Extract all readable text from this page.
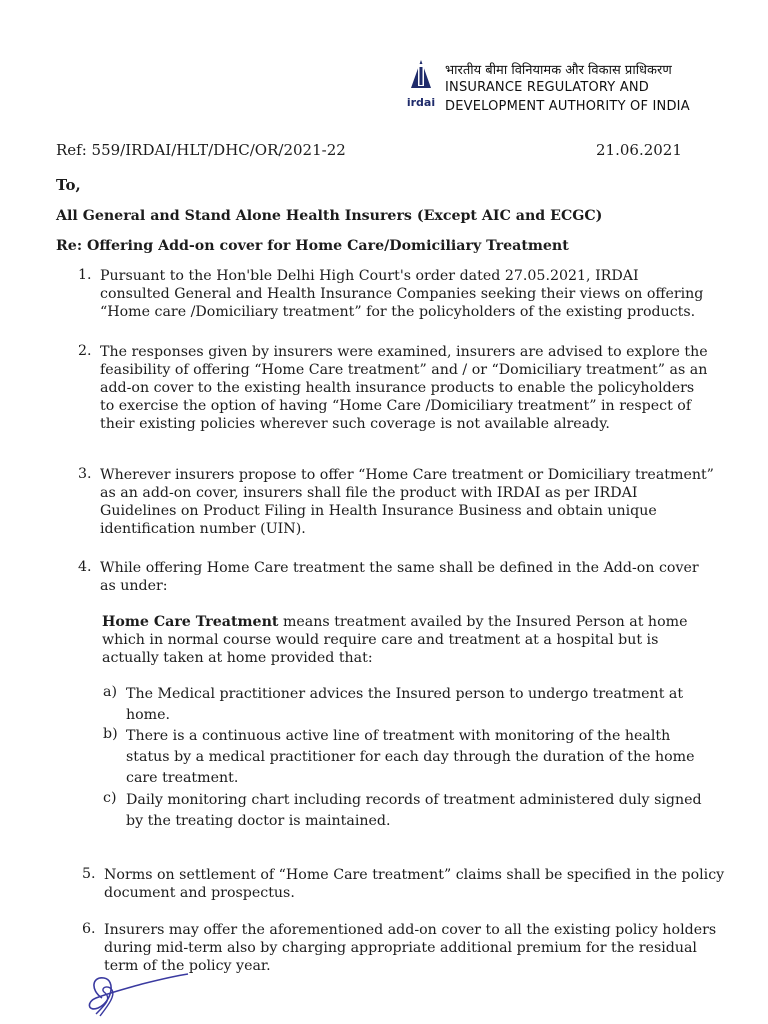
irdai
भारतीय बीमा विनियामक और विकास प्राधिकरण
INSURANCE REGULATORY AND
DEVELOPMENT AUTHORITY OF INDIA
Ref: 559/IRDAI/HLT/DHC/OR/2021-22	21.06.2021
To,
All General and Stand Alone Health Insurers (Except AIC and ECGC)
Re: Offering Add-on cover for Home Care/Domiciliary Treatment
1. Pursuant to the Hon'ble Delhi High Court's order dated 27.05.2021, IRDAI
consulted General and Health Insurance Companies seeking their views on offering
“Home care /Domiciliary treatment” for the policyholders of the existing products.
2. The responses given by insurers were examined, insurers are advised to explore the
feasibility of offering “Home Care treatment” and / or “Domiciliary treatment” as an
add-on cover to the existing health insurance products to enable the policyholders
to exercise the option of having “Home Care /Domiciliary treatment” in respect of
their existing policies wherever such coverage is not available already.
3. Wherever insurers propose to offer “Home Care treatment or Domiciliary treatment”
as an add-on cover, insurers shall file the product with IRDAI as per IRDAI
Guidelines on Product Filing in Health Insurance Business and obtain unique
identification number (UIN).
4. While offering Home Care treatment the same shall be defined in the Add-on cover
as under:
Home Care Treatment means treatment availed by the Insured Person at home
which in normal course would require care and treatment at a hospital but is
actually taken at home provided that:
a) The Medical practitioner advices the Insured person to undergo treatment at
home.
b) There is a continuous active line of treatment with monitoring of the health
status by a medical practitioner for each day through the duration of the home
care treatment.
c) Daily monitoring chart including records of treatment administered duly signed
by the treating doctor is maintained.
5. Norms on settlement of “Home Care treatment” claims shall be specified in the policy
document and prospectus.
6. Insurers may offer the aforementioned add-on cover to all the existing policy holders
during mid-term also by charging appropriate additional premium for the residual
term of the policy year.
